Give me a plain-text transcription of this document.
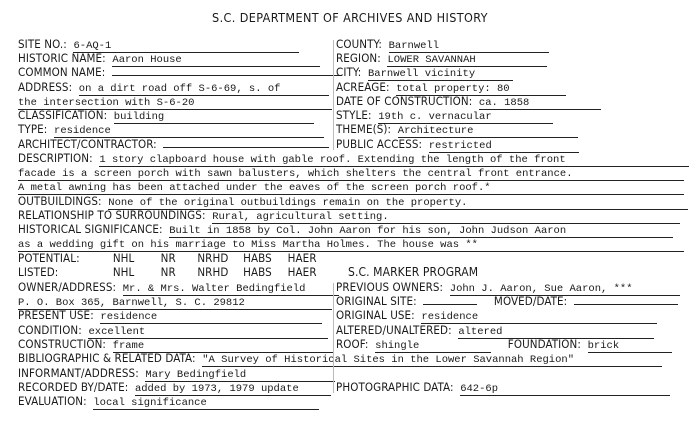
S.C. DEPARTMENT OF ARCHIVES AND HISTORY
SITE NO.: 6-AQ-1	COUNTY: Barnwell
HISTORIC NAME: Aaron House	REGION: LOWER SAVANNAH
COMMON NAME:	CITY: Barnwell vicinity
ADDRESS: on a dirt road off S-6-69, s. of	ACREAGE: total property: 80
the intersection with S-6-20	DATE OF CONSTRUCTION: ca. 1858
CLASSIFICATION: building	STYLE: 19th c. vernacular
TYPE: residence	THEME(S): Architecture
ARCHITECT/CONTRACTOR:	PUBLIC ACCESS: restricted
DESCRIPTION: 1 story clapboard house with gable roof. Extending the length of the front
facade is a screen porch with sawn balusters, which shelters the central front entrance.
A metal awning has been attached under the eaves of the screen porch roof.*
OUTBUILDINGS: None of the original outbuildings remain on the property.
RELATIONSHIP TO SURROUNDINGS: Rural, agricultural setting.
HISTORICAL SIGNIFICANCE: Built in 1858 by Col. John Aaron for his son, John Judson Aaron
as a wedding gift on his marriage to Miss Martha Holmes. The house was **
POTENTIAL:	NHL NR NRHD HABS HAER
LISTED:	NHL NR NRHD HABS HAER	S.C. MARKER PROGRAM
OWNER/ADDRESS: Mr. & Mrs. Walter Bedingfield	PREVIOUS OWNERS: John J. Aaron, Sue Aaron, ***
P. O. Box 365, Barnwell, S. C. 29812	ORIGINAL SITE:	MOVED/DATE:
PRESENT USE: residence	ORIGINAL USE: residence
CONDITION: excellent	ALTERED/UNALTERED: altered
CONSTRUCTION: frame	ROOF: shingle	FOUNDATION: brick
BIBLIOGRAPHIC & RELATED DATA: "A Survey of Historical Sites in the Lower Savannah Region"
INFORMANT/ADDRESS: Mary Bedingfield
RECORDED BY/DATE: added by 1973, 1979 update	PHOTOGRAPHIC DATA: 642-6p
EVALUATION: local significance
